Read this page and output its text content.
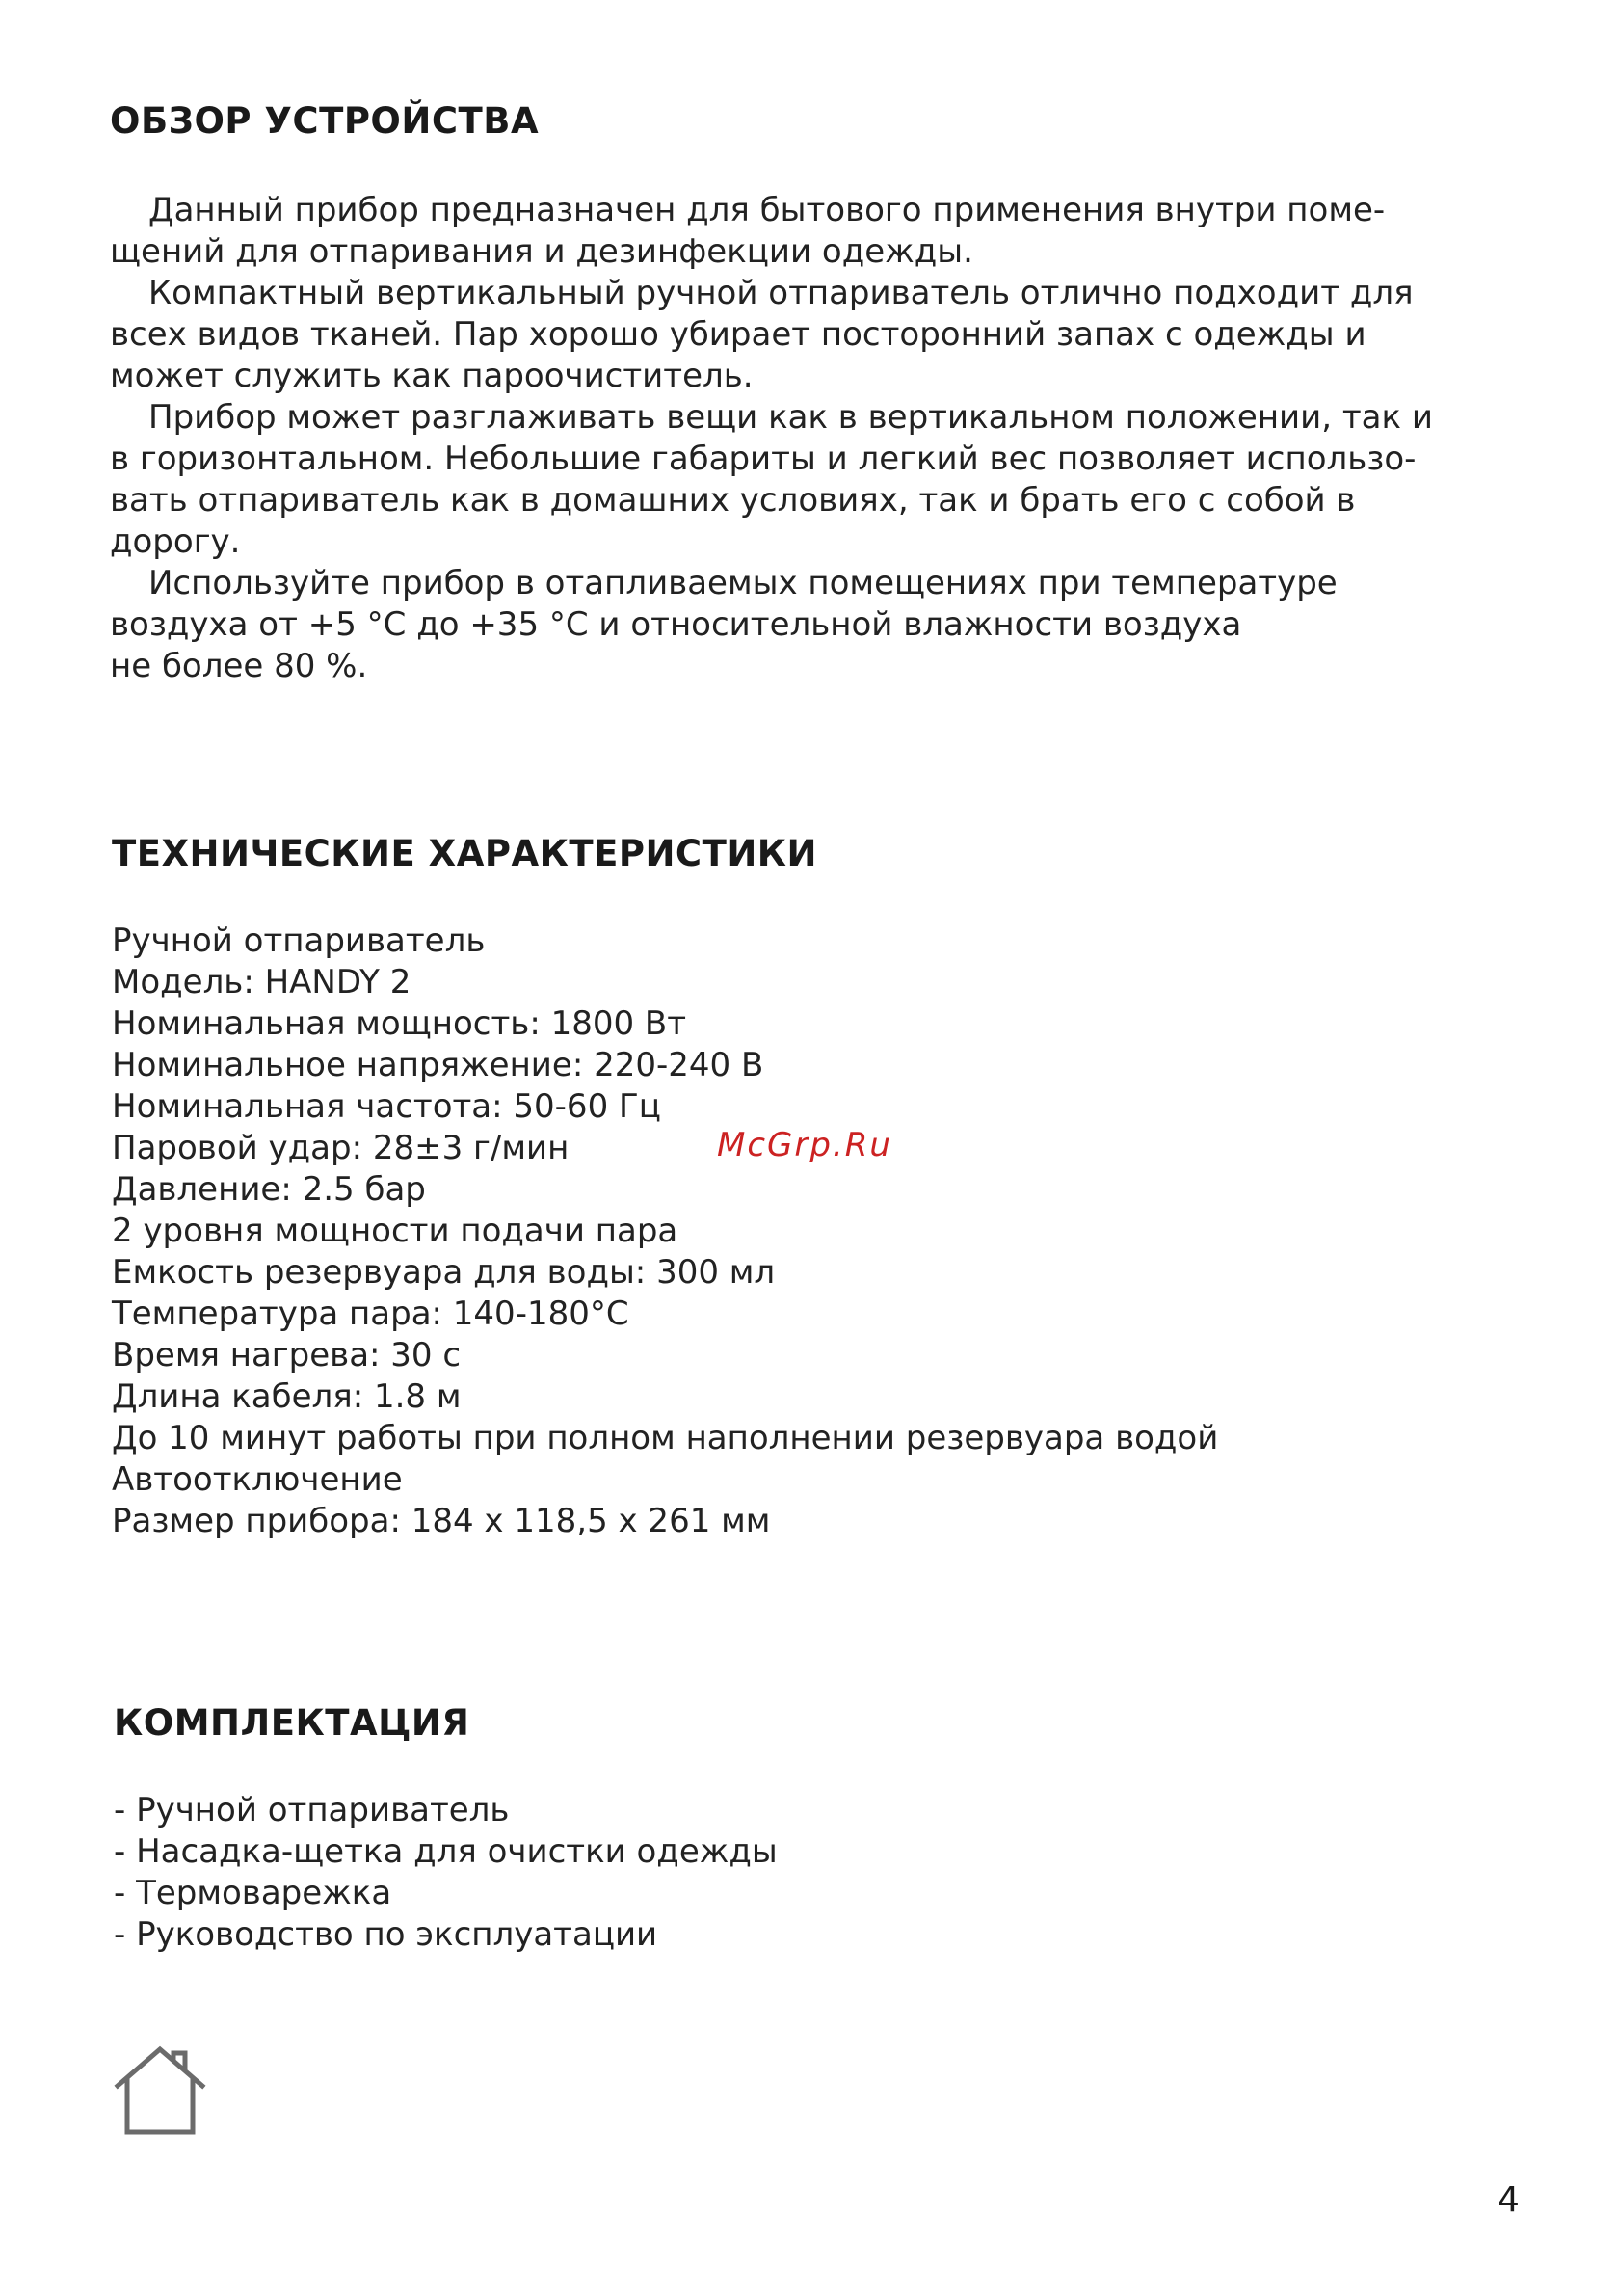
ОБЗОР УСТРОЙСТВА
Данный прибор предназначен для бытового применения внутри поме-
щений для отпаривания и дезинфекции одежды.
Компактный вертикальный ручной отпариватель отлично подходит для
всех видов тканей. Пар хорошо убирает посторонний запах с одежды и
может служить как пароочиститель.
Прибор может разглаживать вещи как в вертикальном положении, так и
в горизонтальном. Небольшие габариты и легкий вес позволяет использо-
вать отпариватель как в домашних условиях, так и брать его с собой в
дорогу.
Используйте прибор в отапливаемых помещениях при температуре
воздуха от +5 °С до +35 °С и относительной влажности воздуха
не более 80 %.
ТЕХНИЧЕСКИЕ ХАРАКТЕРИСТИКИ
Ручной отпариватель
Модель: HANDY 2
Номинальная мощность: 1800 Вт
Номинальное напряжение: 220-240 В
Номинальная частота: 50-60 Гц
Паровой удар: 28±3 г/мин
Давление: 2.5 бар
2 уровня мощности подачи пара
Емкость резервуара для воды: 300 мл
Температура пара: 140-180°С
Время нагрева: 30 с
Длина кабеля: 1.8 м
До 10 минут работы при полном наполнении резервуара водой
Автоотключение
Размер прибора: 184 х 118,5 х 261 мм
McGrp.Ru
КОМПЛЕКТАЦИЯ
- Ручной отпариватель
- Насадка-щетка для очистки одежды
- Термоварежка
- Руководство по эксплуатации
4
